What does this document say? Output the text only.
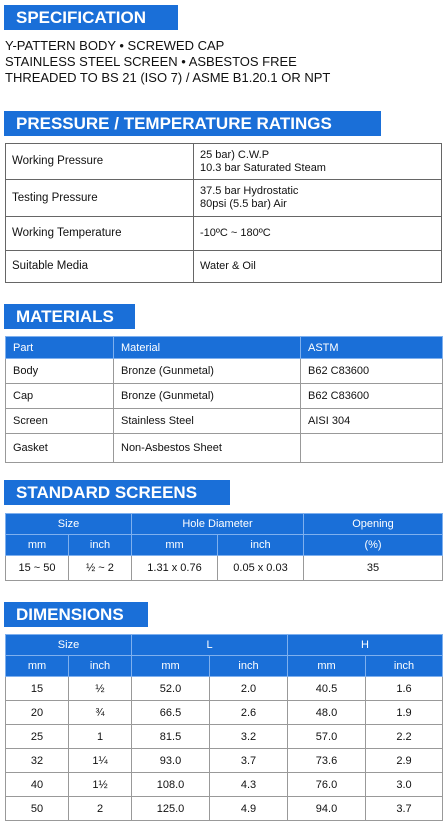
SPECIFICATION
Y-PATTERN BODY • SCREWED CAP
STAINLESS STEEL SCREEN • ASBESTOS FREE
THREADED TO BS 21 (ISO 7) / ASME B1.20.1 OR NPT
PRESSURE / TEMPERATURE RATINGS
Working Pressure	25 bar) C.W.P
10.3 bar Saturated Steam

Testing Pressure	37.5 bar Hydrostatic
80psi (5.5 bar) Air

Working Temperature	-10ºC ~ 180ºC
Suitable Media	Water & Oil
MATERIALS
Part	Material	ASTM
Body	Bronze (Gunmetal)	B62 C83600
Cap	Bronze (Gunmetal)	B62 C83600
Screen	Stainless Steel	AISI 304
Gasket	Non-Asbestos Sheet	
STANDARD SCREENS
Size		Hole Diameter		Opening
mm	inch	mm	inch	(%)
15 ~ 50	½ ~ 2	1.31 x 0.76	0.05 x 0.03	35
DIMENSIONS
Size		L		H	
mm	inch	mm	inch	mm	inch
15	½	52.0	2.0	40.5	1.6
20	¾	66.5	2.6	48.0	1.9
25	1	81.5	3.2	57.0	2.2
32	1¼	93.0	3.7	73.6	2.9
40	1½	108.0	4.3	76.0	3.0
50	2	125.0	4.9	94.0	3.7
